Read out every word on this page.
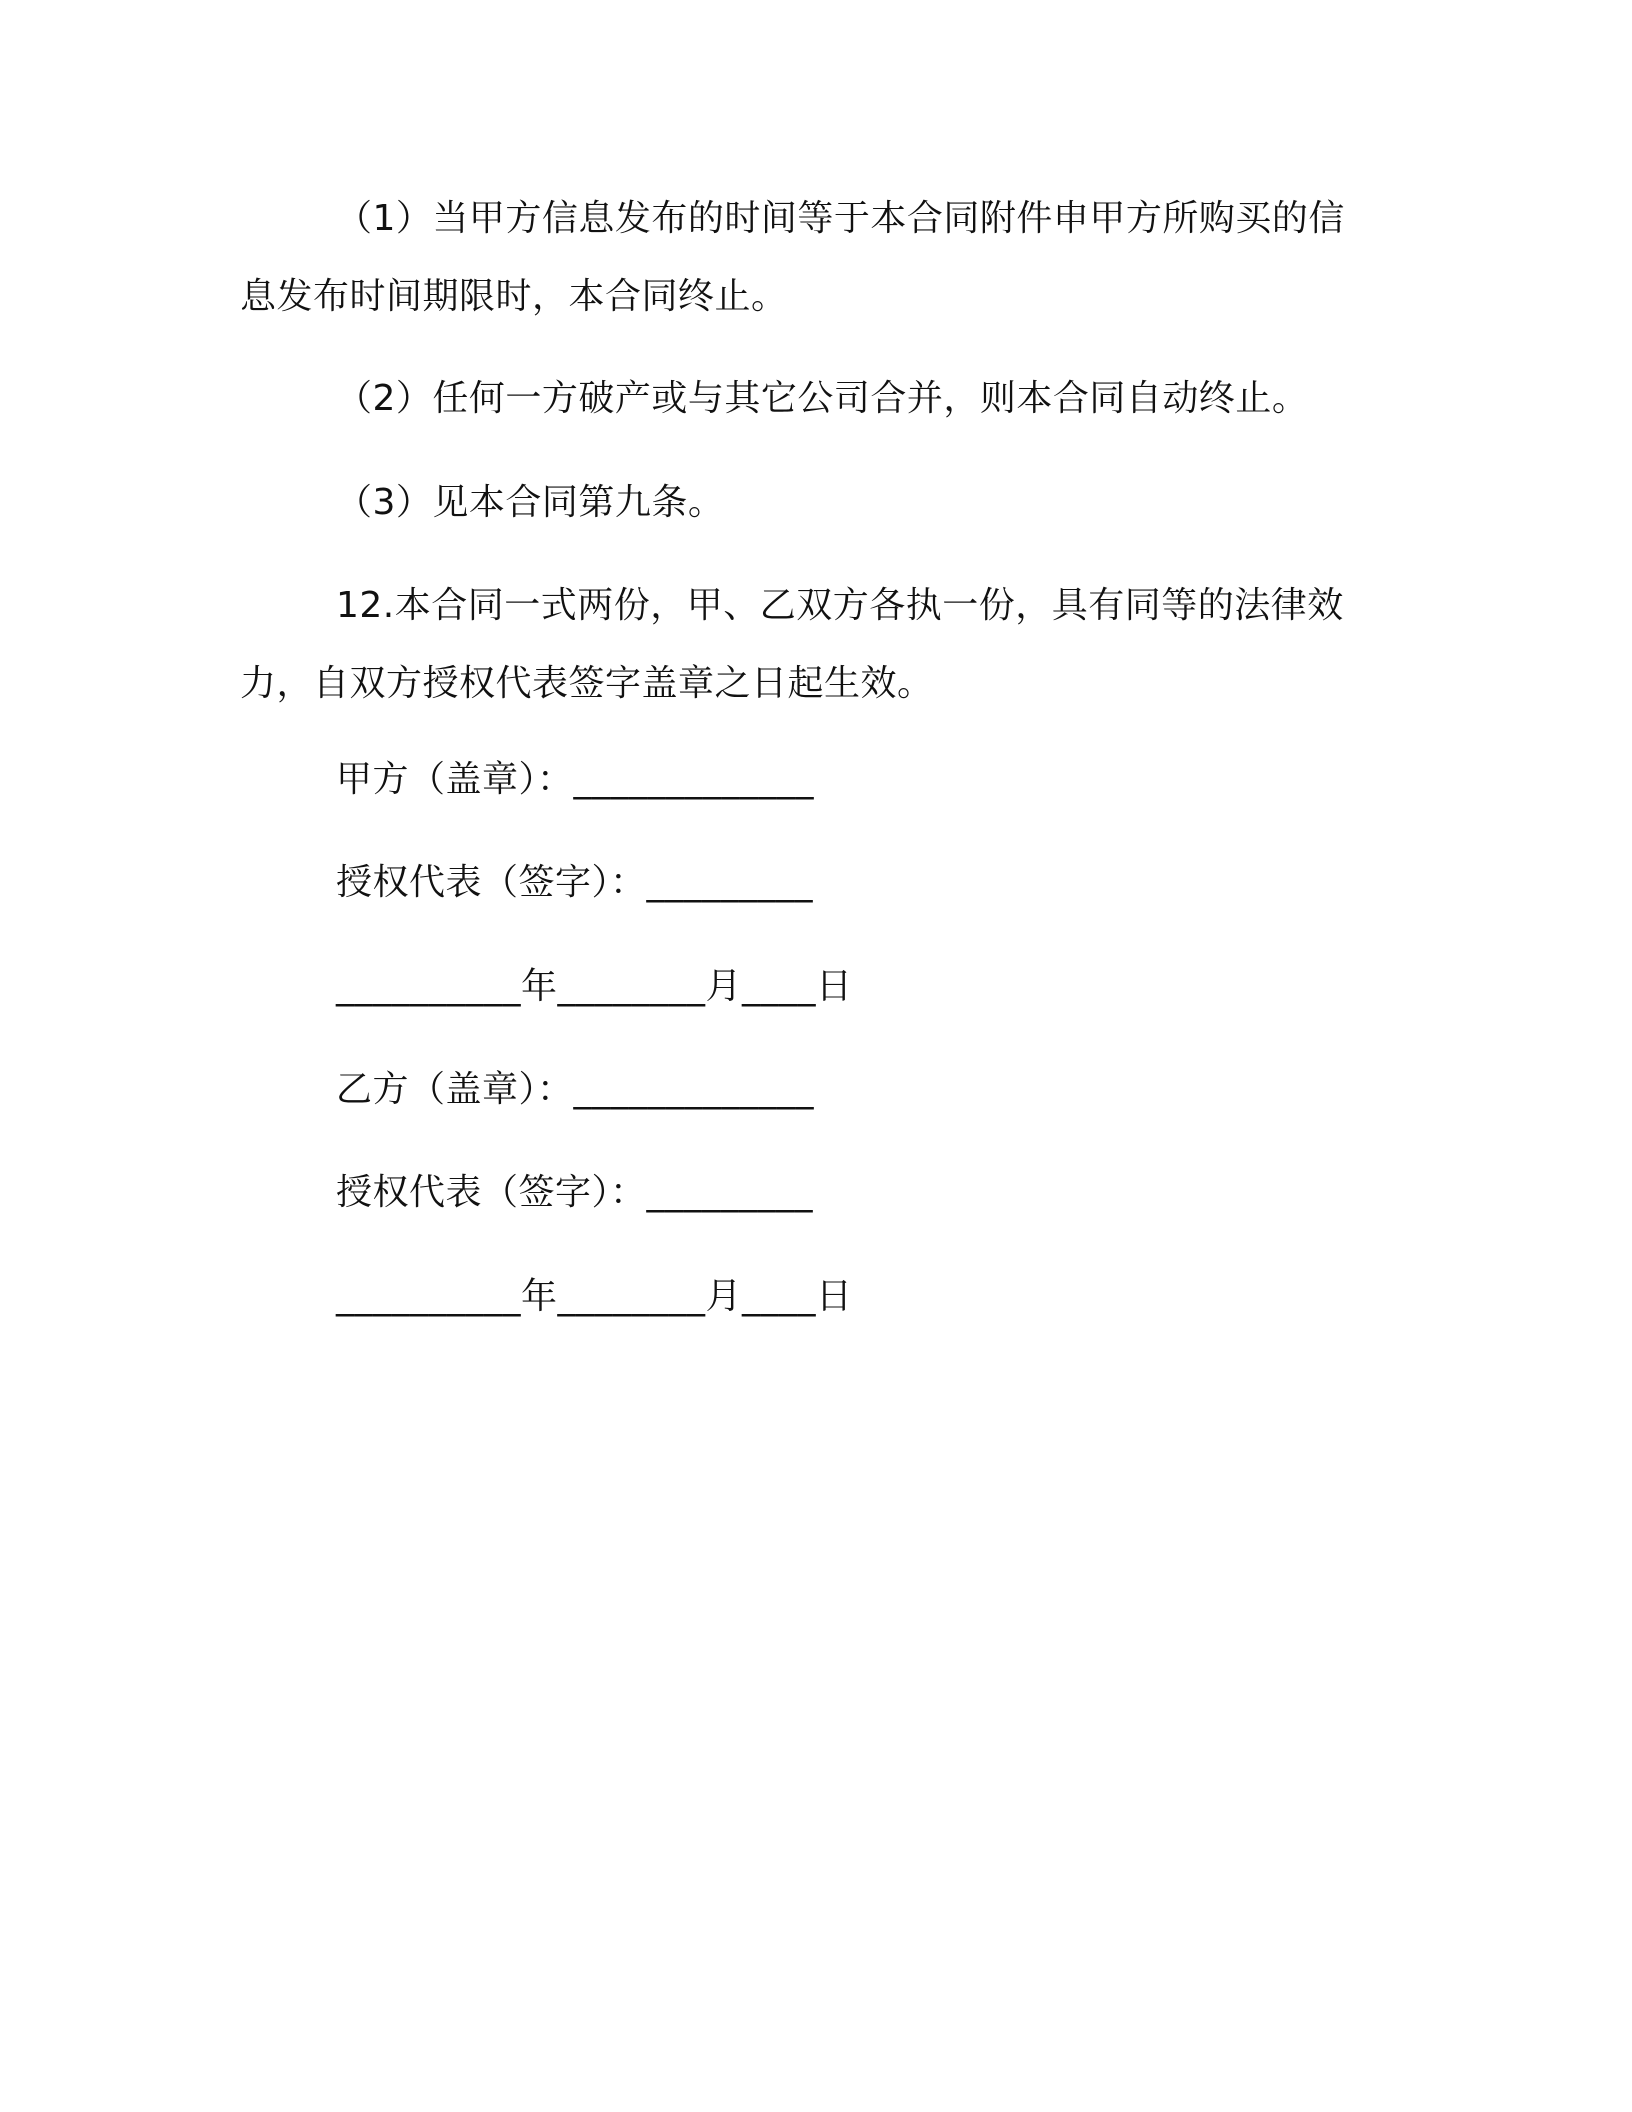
（1）当甲方信息发布的时间等于本合同附件申甲方所购买的信息发布时间期限时，本合同终止。
（2）任何一方破产或与其它公司合并，则本合同自动终止。
（3）见本合同第九条。
12.本合同一式两份，甲、乙双方各执一份，具有同等的法律效力，自双方授权代表签字盖章之日起生效。
甲方（盖章）：_____________
授权代表（签字）：_________
__________年________月____日
乙方（盖章）：_____________
授权代表（签字）：_________
__________年________月____日
